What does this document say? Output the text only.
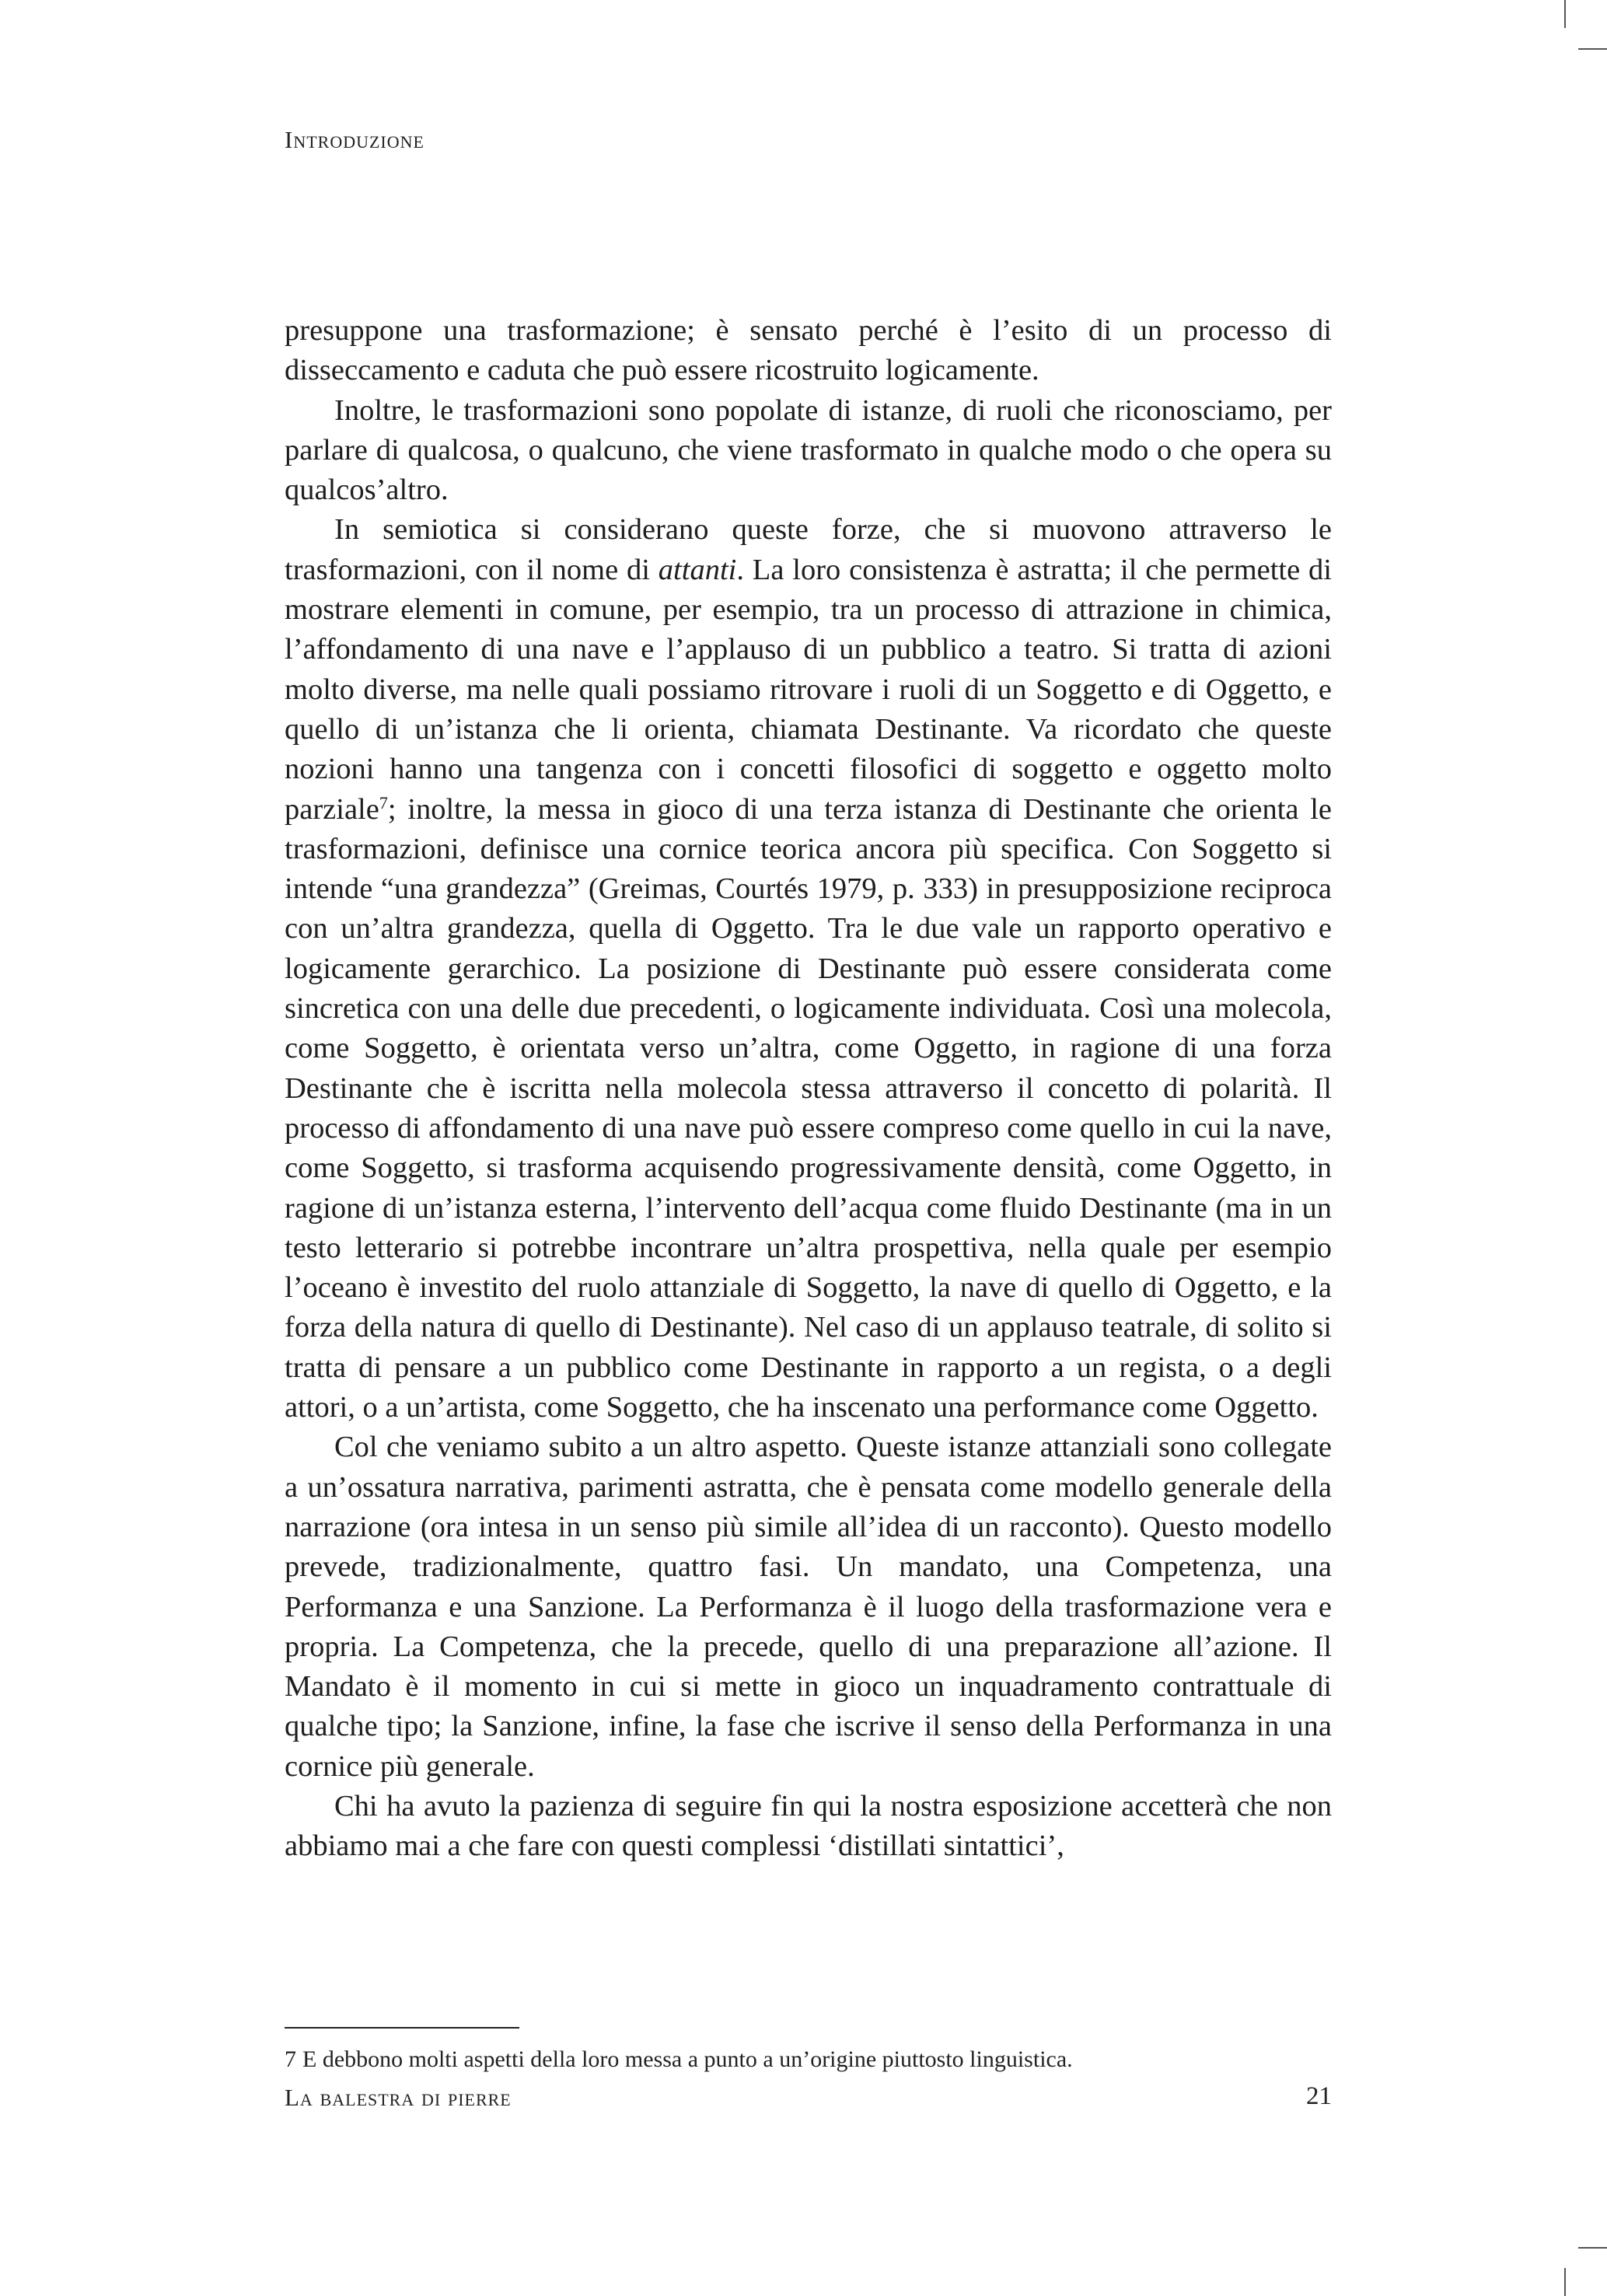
Introduzione

presuppone una trasformazione; è sensato perché è l’esito di un processo di disseccamento e caduta che può essere ricostruito logicamente.

Inoltre, le trasformazioni sono popolate di istanze, di ruoli che riconosciamo, per parlare di qualcosa, o qualcuno, che viene trasformato in qualche modo o che opera su qualcos’altro.

In semiotica si considerano queste forze, che si muovono attraverso le trasformazioni, con il nome di attanti. La loro consistenza è astratta; il che permette di mostrare elementi in comune, per esempio, tra un processo di attrazione in chimica, l’affondamento di una nave e l’applauso di un pubblico a teatro. Si tratta di azioni molto diverse, ma nelle quali possiamo ritrovare i ruoli di un Soggetto e di Oggetto, e quello di un’istanza che li orienta, chiamata Destinante. Va ricordato che queste nozioni hanno una tangenza con i concetti filosofici di soggetto e oggetto molto parziale$^7$; inoltre, la messa in gioco di una terza istanza di Destinante che orienta le trasformazioni, definisce una cornice teorica ancora più specifica. Con Soggetto si intende “una grandezza” (Greimas, Courtés 1979, p. 333) in presupposizione reciproca con un’altra grandezza, quella di Oggetto. Tra le due vale un rapporto operativo e logicamente gerarchico. La posizione di Destinante può essere considerata come sincretica con una delle due precedenti, o logicamente individuata. Così una molecola, come Soggetto, è orientata verso un’altra, come Oggetto, in ragione di una forza Destinante che è iscritta nella molecola stessa attraverso il concetto di polarità. Il processo di affondamento di una nave può essere compreso come quello in cui la nave, come Soggetto, si trasforma acquisendo progressivamente densità, come Oggetto, in ragione di un’istanza esterna, l’intervento dell’acqua come fluido Destinante (ma in un testo letterario si potrebbe incontrare un’altra prospettiva, nella quale per esempio l’oceano è investito del ruolo attanziale di Soggetto, la nave di quello di Oggetto, e la forza della natura di quello di Destinante). Nel caso di un applauso teatrale, di solito si tratta di pensare a un pubblico come Destinante in rapporto a un regista, o a degli attori, o a un’artista, come Soggetto, che ha inscenato una performance come Oggetto.

Col che veniamo subito a un altro aspetto. Queste istanze attanziali sono collegate a un’ossatura narrativa, parimenti astratta, che è pensata come modello generale della narrazione (ora intesa in un senso più simile all’idea di un racconto). Questo modello prevede, tradizionalmente, quattro fasi. Un mandato, una Competenza, una Performanza e una Sanzione. La Performanza è il luogo della trasformazione vera e propria. La Competenza, che la precede, quello di una preparazione all’azione. Il Mandato è il momento in cui si mette in gioco un inquadramento contrattuale di qualche tipo; la Sanzione, infine, la fase che iscrive il senso della Performanza in una cornice più generale.

Chi ha avuto la pazienza di seguire fin qui la nostra esposizione accetterà che non abbiamo mai a che fare con questi complessi ‘distillati sintattici’,

7 E debbono molti aspetti della loro messa a punto a un’origine piuttosto linguistica.
La balestra di pierre	21
